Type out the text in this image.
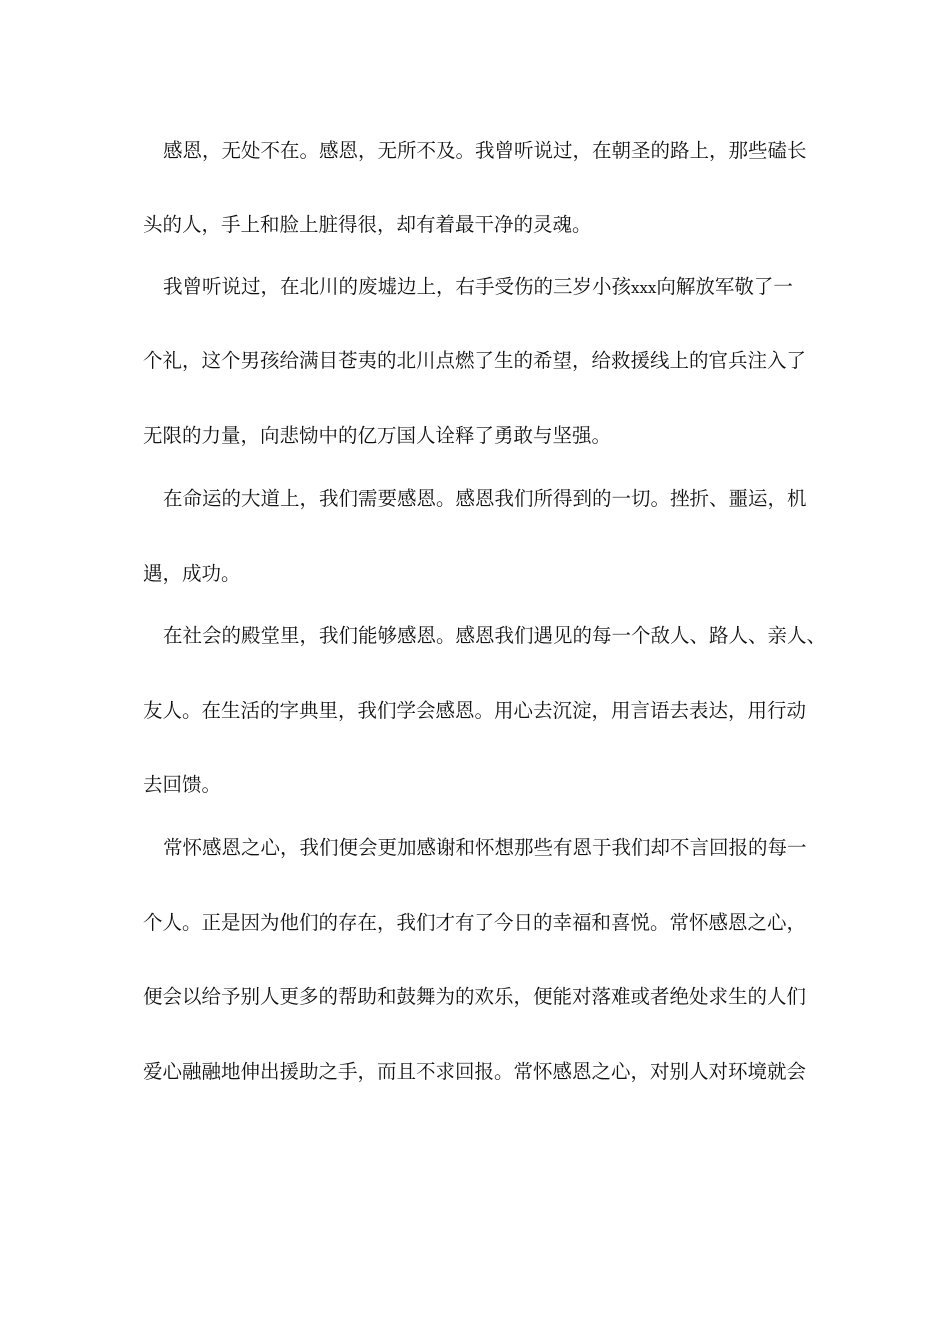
感恩，无处不在。感恩，无所不及。我曾听说过，在朝圣的路上，那些磕长
头的人，手上和脸上脏得很，却有着最干净的灵魂。
我曾听说过，在北川的废墟边上，右手受伤的三岁小孩xxx向解放军敬了一
个礼，这个男孩给满目苍夷的北川点燃了生的希望，给救援线上的官兵注入了
无限的力量，向悲恸中的亿万国人诠释了勇敢与坚强。
在命运的大道上，我们需要感恩。感恩我们所得到的一切。挫折、噩运，机
遇，成功。
在社会的殿堂里，我们能够感恩。感恩我们遇见的每一个敌人、路人、亲人、
友人。在生活的字典里，我们学会感恩。用心去沉淀，用言语去表达，用行动
去回馈。
常怀感恩之心，我们便会更加感谢和怀想那些有恩于我们却不言回报的每一
个人。正是因为他们的存在，我们才有了今日的幸福和喜悦。常怀感恩之心，
便会以给予别人更多的帮助和鼓舞为的欢乐，便能对落难或者绝处求生的人们
爱心融融地伸出援助之手，而且不求回报。常怀感恩之心，对别人对环境就会
